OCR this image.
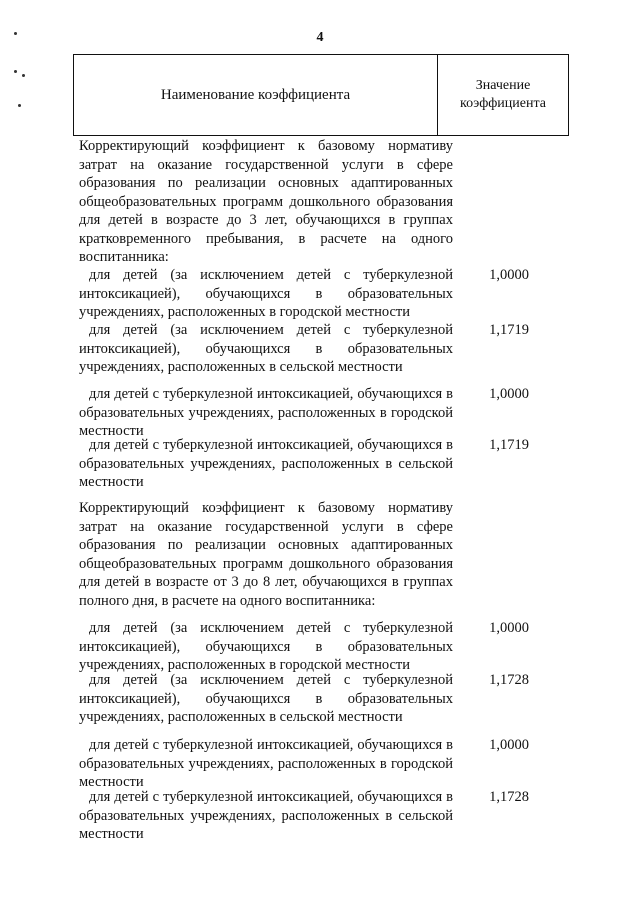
4
Наименование коэффициента
Значение коэффициента
Корректирующий коэффициент к базовому нормативу затрат на оказание государственной услуги в сфере образования по реализации основных адаптированных общеобразовательных программ дошкольного образования для детей в возрасте до 3 лет, обучающихся в группах кратковременного пребывания, в расчете на одного воспитанника:
для детей (за исключением детей с туберкулезной интоксикацией), обучающихся в образовательных учреждениях, расположенных в городской местности
1,0000
для детей (за исключением детей с туберкулезной интоксикацией), обучающихся в образовательных учреждениях, расположенных в сельской местности
1,1719
для детей с туберкулезной интоксикацией, обучающихся в образовательных учреждениях, расположенных в городской местности
1,0000
для детей с туберкулезной интоксикацией, обучающихся в образовательных учреждениях, расположенных в сельской местности
1,1719
Корректирующий коэффициент к базовому нормативу затрат на оказание государственной услуги в сфере образования по реализации основных адаптированных общеобразовательных программ дошкольного образования для детей в возрасте от 3 до 8 лет, обучающихся в группах полного дня, в расчете на одного воспитанника:
для детей (за исключением детей с туберкулезной интоксикацией), обучающихся в образовательных учреждениях, расположенных в городской местности
1,0000
для детей (за исключением детей с туберкулезной интоксикацией), обучающихся в образовательных учреждениях, расположенных в сельской местности
1,1728
для детей с туберкулезной интоксикацией, обучающихся в образовательных учреждениях, расположенных в городской местности
1,0000
для детей с туберкулезной интоксикацией, обучающихся в образовательных учреждениях, расположенных в сельской местности
1,1728
